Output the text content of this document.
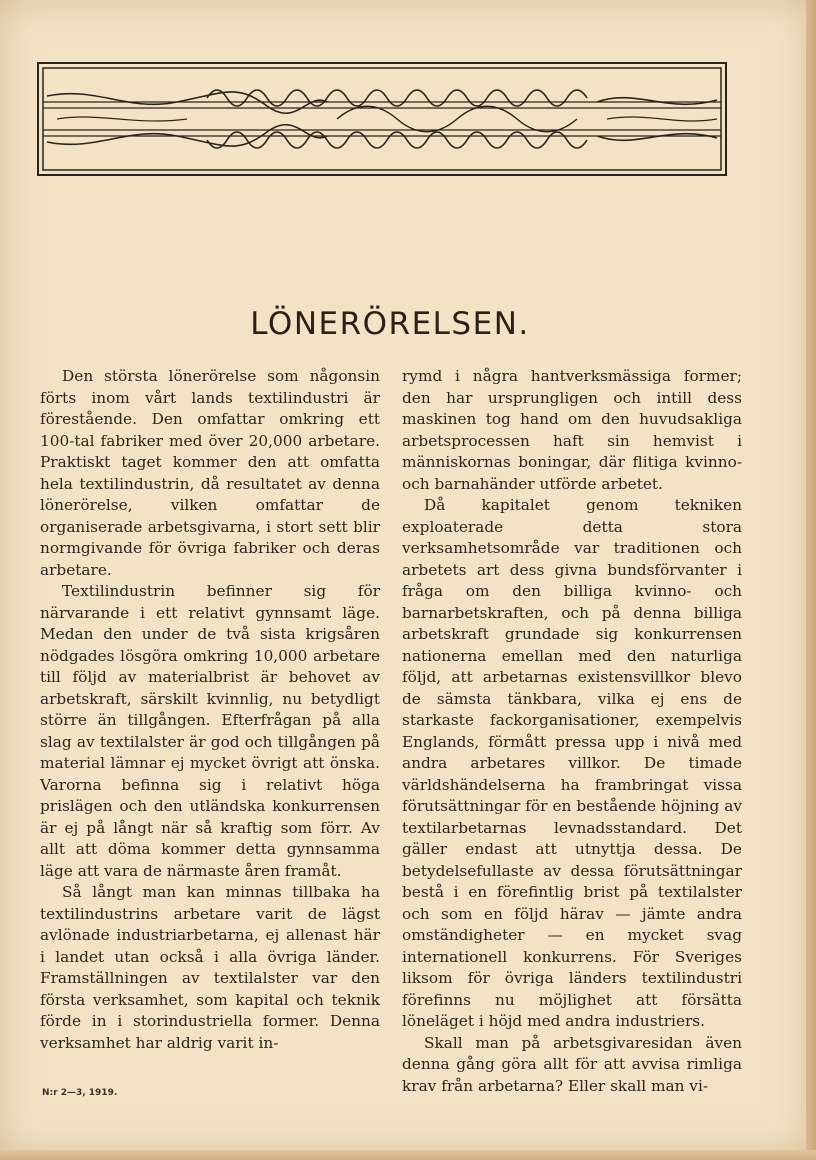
LÖNERÖRELSEN.

Den största lönerörelse som någonsin förts inom vårt lands textilindustri är förestående. Den omfattar omkring ett 100-tal fabriker med över 20,000 arbetare. Praktiskt taget kommer den att omfatta hela textilindustrin, då resultatet av denna lönerörelse, vilken omfattar de organiserade arbetsgivarna, i stort sett blir normgivande för övriga fabriker och deras arbetare.

Textilindustrin befinner sig för närvarande i ett relativt gynnsamt läge. Medan den under de två sista krigsåren nödgades lösgöra omkring 10,000 arbetare till följd av materialbrist är behovet av arbetskraft, särskilt kvinnlig, nu betydligt större än tillgången. Efterfrågan på alla slag av textilalster är god och tillgången på material lämnar ej mycket övrigt att önska. Varorna befinna sig i relativt höga prislägen och den utländska konkurrensen är ej på långt när så kraftig som förr. Av allt att döma kommer detta gynnsamma läge att vara de närmaste åren framåt.

Så långt man kan minnas tillbaka ha textilindustrins arbetare varit de lägst avlönade industriarbetarna, ej allenast här i landet utan också i alla övriga länder. Framställningen av textilalster var den första verksamhet, som kapital och teknik förde in i storindustriella former. Denna verksamhet har aldrig varit in-

rymd i några hantverksmässiga former; den har ursprungligen och intill dess maskinen tog hand om den huvudsakliga arbetsprocessen haft sin hemvist i människornas boningar, där flitiga kvinno- och barnahänder utförde arbetet.

Då kapitalet genom tekniken exploaterade detta stora verksamhetsområde var traditionen och arbetets art dess givna bundsförvanter i fråga om den billiga kvinno- och barnarbetskraften, och på denna billiga arbetskraft grundade sig konkurrensen nationerna emellan med den naturliga följd, att arbetarnas existensvillkor blevo de sämsta tänkbara, vilka ej ens de starkaste fackorganisationer, exempelvis Englands, förmått pressa upp i nivå med andra arbetares villkor. De timade världshändelserna ha frambringat vissa förutsättningar för en bestående höjning av textilarbetarnas levnadsstandard. Det gäller endast att utnyttja dessa. De betydelsefullaste av dessa förutsättningar bestå i en förefintlig brist på textilalster och som en följd härav — jämte andra omständigheter — en mycket svag internationell konkurrens. För Sveriges liksom för övriga länders textilindustri förefinns nu möjlighet att försätta löneläget i höjd med andra industriers.

Skall man på arbetsgivaresidan även denna gång göra allt för att avvisa rimliga krav från arbetarna? Eller skall man vi-

N:r 2—3, 1919.
